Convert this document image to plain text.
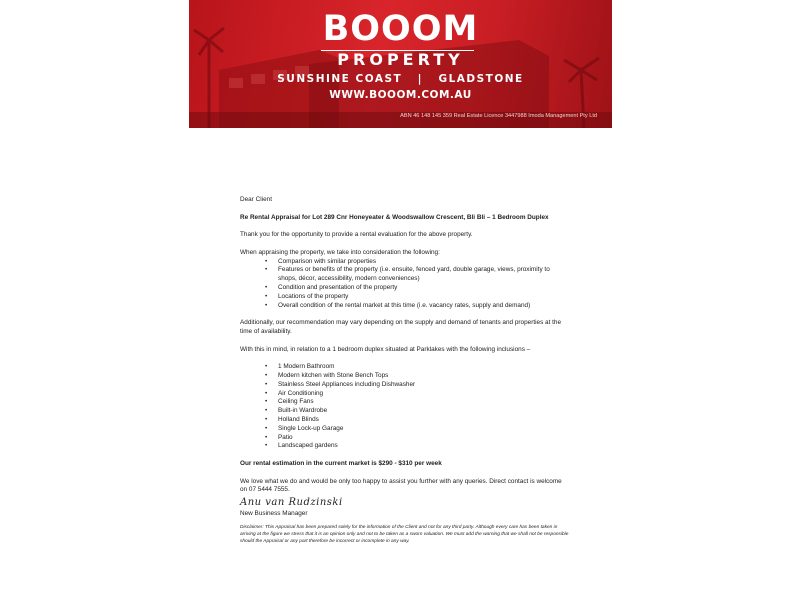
BOOOM
PROPERTY
SUNSHINE COAST   |   GLADSTONE
WWW.BOOOM.COM.AU
ABN 46 148 145 359 Real Estate Licence 3447988 Imoda Management Pty Ltd

Dear Client

Re Rental Appraisal for Lot 289 Cnr Honeyeater & Woodswallow Crescent, Bli Bli – 1 Bedroom Duplex

Thank you for the opportunity to provide a rental evaluation for the above property.

When appraising the property, we take into consideration the following:

• Comparison with similar properties
• Features or benefits of the property (i.e. ensuite, fenced yard, double garage, views, proximity to shops, décor, accessibility, modern conveniences)
• Condition and presentation of the property
• Locations of the property
• Overall condition of the rental market at this time (i.e. vacancy rates, supply and demand)

Additionally, our recommendation may vary depending on the supply and demand of tenants and properties at the time of availability.

With this in mind, in relation to a 1 bedroom duplex situated at Parklakes with the following inclusions –

• 1 Modern Bathroom
• Modern kitchen with Stone Bench Tops
• Stainless Steel Appliances including Dishwasher
• Air Conditioning
• Ceiling Fans
• Built-in Wardrobe
• Holland Blinds
• Single Lock-up Garage
• Patio
• Landscaped gardens

Our rental estimation in the current market is $290 - $310 per week

We love what we do and would be only too happy to assist you further with any queries. Direct contact is welcome on 07 5444 7555.

Anu van Rudzinski

New Business Manager

Disclaimer: This Appraisal has been prepared solely for the information of the Client and not for any third party. Although every care has been taken in arriving at the figure we stress that it is an opinion only and not to be taken as a sworn valuation. We must add the warning that we shall not be responsible should the Appraisal or any part therefore be incorrect or incomplete in any way.
